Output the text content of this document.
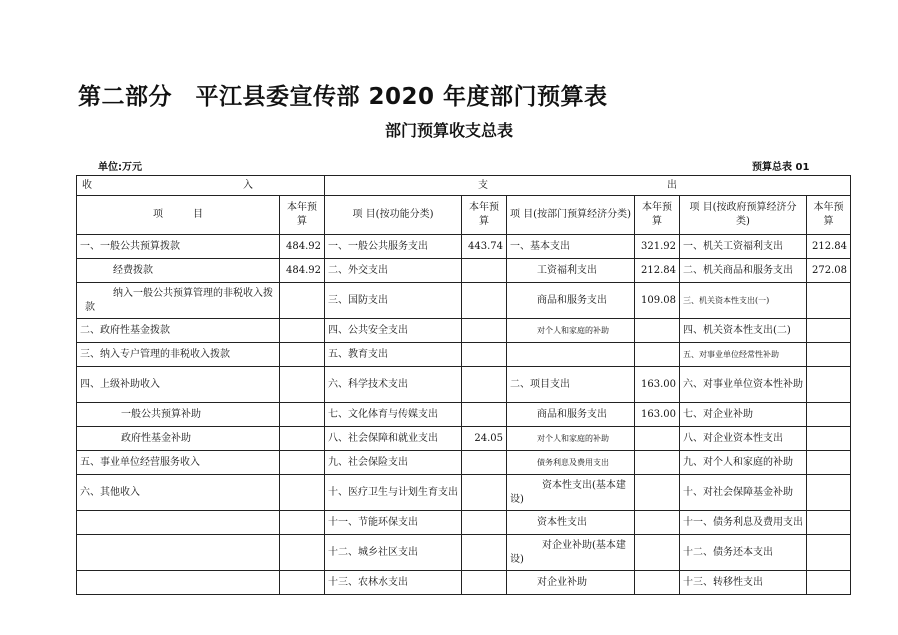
第二部分　平江县委宣传部 2020 年度部门预算表
部门预算收支总表
单位:万元	预算总表 01
收 入		支 出					

项　　　目	本年预算	项 目(按功能分类)	本年预算	项 目(按部门预算经济分类)	本年预算	项 目(按政府预算经济分类)	本年预算
一、一般公共预算拨款	484.92	一、一般公共服务支出	443.74	一、基本支出	321.92	一、机关工资福利支出	212.84
经费拨款	484.92	二、外交支出		工资福利支出	212.84	二、机关商品和服务支出	272.08
纳入一般公共预算管理的非税收入拨款		三、国防支出		商品和服务支出	109.08	三、机关资本性支出(一)	
二、政府性基金拨款		四、公共安全支出		对个人和家庭的补助		四、机关资本性支出(二)	
三、纳入专户管理的非税收入拨款		五、教育支出				五、对事业单位经常性补助	
四、上级补助收入		六、科学技术支出		二、项目支出	163.00	六、对事业单位资本性补助	
一般公共预算补助		七、文化体育与传媒支出		商品和服务支出	163.00	七、对企业补助	
政府性基金补助		八、社会保障和就业支出	24.05	对个人和家庭的补助		八、对企业资本性支出	
五、事业单位经营服务收入		九、社会保险支出		债务利息及费用支出		九、对个人和家庭的补助	
六、其他收入		十、医疗卫生与计划生育支出		资本性支出(基本建设)		十、对社会保障基金补助	
		十一、节能环保支出		资本性支出		十一、债务利息及费用支出	
		十二、城乡社区支出		对企业补助(基本建设)		十二、债务还本支出	
		十三、农林水支出		对企业补助		十三、转移性支出	
